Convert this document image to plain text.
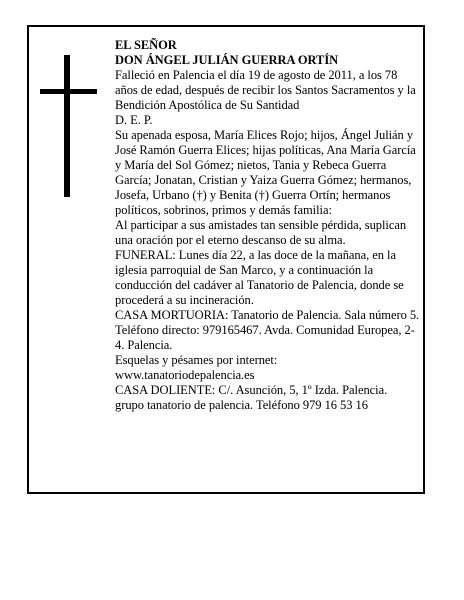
EL SEÑOR

DON ÁNGEL JULIÁN GUERRA ORTÍN

Falleció en Palencia el día 19 de agosto de 2011, a los 78 años de edad, después de recibir los Santos Sacramentos y la Bendición Apostólica de Su Santidad

D. E. P.

Su apenada esposa, María Elices Rojo; hijos, Ángel Julián y José Ramón Guerra Elices; hijas políticas, Ana María García y María del Sol Gómez; nietos, Tania y Rebeca Guerra García; Jonatan, Cristian y Yaiza Guerra Gómez; hermanos, Josefa, Urbano (†) y Benita (†) Guerra Ortín; hermanos políticos, sobrinos, primos y demás familia:

Al participar a sus amistades tan sensible pérdida, suplican una oración por el eterno descanso de su alma.

FUNERAL: Lunes día 22, a las doce de la mañana, en la iglesia parroquial de San Marco, y a continuación la conducción del cadáver al Tanatorio de Palencia, donde se procederá a su incineración.

CASA MORTUORIA: Tanatorio de Palencia. Sala número 5. Teléfono directo: 979165467. Avda. Comunidad Europea, 2-4. Palencia.

Esquelas y pésames por internet:

www.tanatoriodepalencia.es

CASA DOLIENTE: C/. Asunción, 5, 1º Izda. Palencia.

grupo tanatorio de palencia. Teléfono 979 16 53 16
